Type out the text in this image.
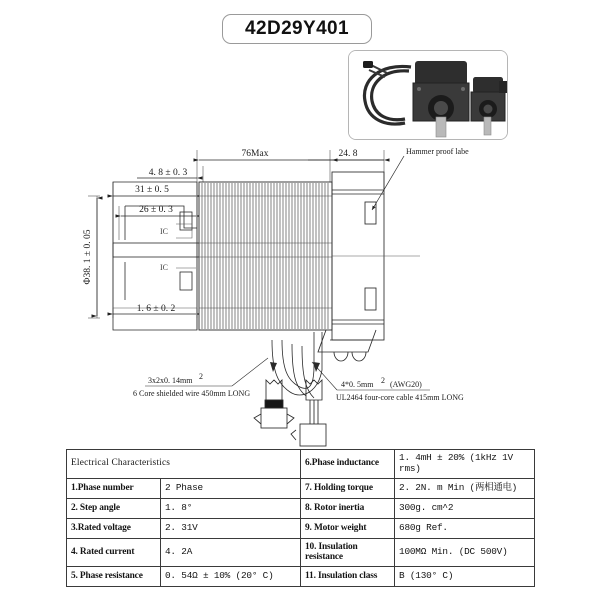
42D29Y401
76Max	24. 8
4. 8 ± 0. 3
31 ± 0. 5
26 ± 0. 3
1. 6 ± 0. 2
Φ38. 1 ± 0. 05	IC
IC
Hammer proof labe
3x2x0. 14mm 2
6 Core shielded wire 450mm LONG
4*0. 5mm 2 (AWG20)
UL2464 four-core cable 415mm LONG
Electrical Characteristics		6.Phase inductance	1. 4mH ± 20% (1kHz 1V rms)
1.Phase number	2 Phase	7. Holding torque	2. 2N. m Min (两相通电)
2. Step angle	1. 8°	8. Rotor inertia	300g. cm^2
3.Rated voltage	2. 31V	9. Motor weight	680g Ref.
4. Rated current	4. 2A	10. Insulation resistance	100MΩ Min. (DC 500V)
5. Phase resistance	0. 54Ω ± 10% (20° C)	11. Insulation class	B (130° C)
